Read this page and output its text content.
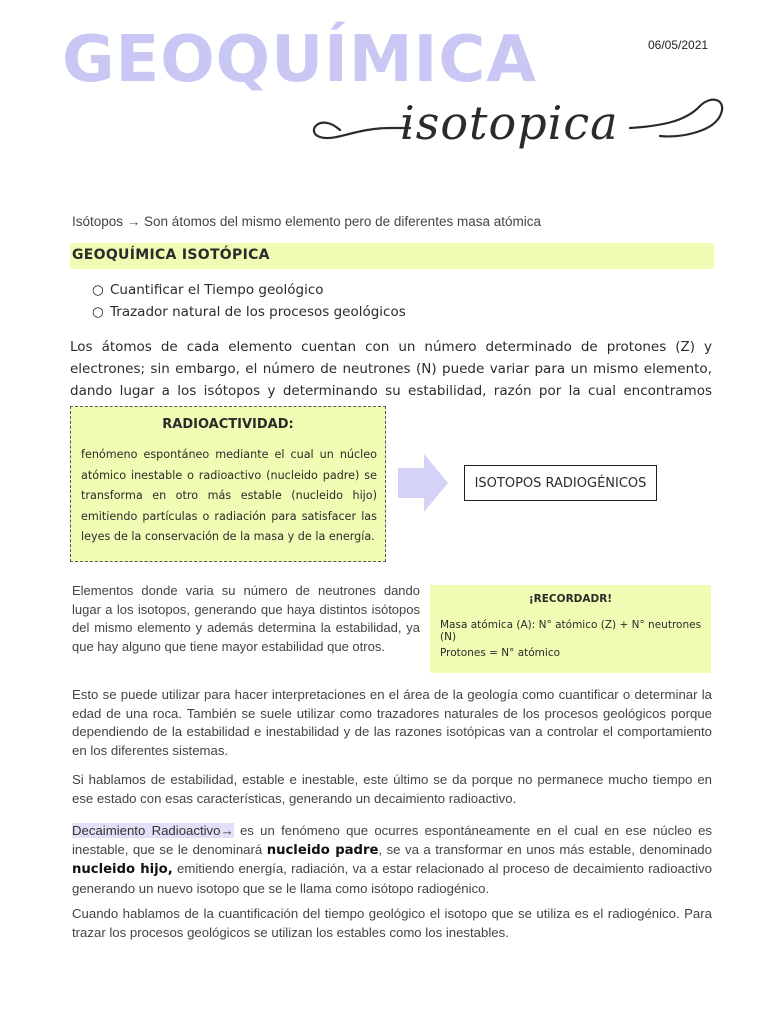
GEOQUÍMICA	06/05/2021
isotopica
Isótopos → Son átomos del mismo elemento pero de diferentes masa atómica
GEOQUÍMICA ISOTÓPICA
○ Cuantificar el Tiempo geológico
○ Trazador natural de los procesos geológicos
Los átomos de cada elemento cuentan con un número determinado de protones (Z) y electrones; sin embargo, el número de neutrones (N) puede variar para un mismo elemento, dando lugar a los isótopos y determinando su estabilidad, razón por la cual encontramos
RADIOACTIVIDAD:
fenómeno espontáneo mediante el cual un núcleo atómico inestable o radioactivo (nucleido padre) se transforma en otro más estable (nucleido hijo) emitiendo partículas o radiación para satisfacer las leyes de la conservación de la masa y de la energía.
ISOTOPOS RADIOGÉNICOS
Elementos donde varia su número de neutrones dando lugar a los isotopos, generando que haya distintos isótopos del mismo elemento y además determina la estabilidad, ya que hay alguno que tiene mayor estabilidad que otros.
¡RECORDADR!
Masa atómica (A): N° atómico (Z) + N° neutrones (N)
Protones = N° atómico
Esto se puede utilizar para hacer interpretaciones en el área de la geología como cuantificar o determinar la edad de una roca. También se suele utilizar como trazadores naturales de los procesos geológicos porque dependiendo de la estabilidad e inestabilidad y de las razones isotópicas van a controlar el comportamiento en los diferentes sistemas.
Si hablamos de estabilidad, estable e inestable, este último se da porque no permanece mucho tiempo en ese estado con esas características, generando un decaimiento radioactivo.
Decaimiento Radioactivo→ es un fenómeno que ocurres espontáneamente en el cual en ese núcleo es inestable, que se le denominará nucleido padre, se va a transformar en unos más estable, denominado nucleido hijo, emitiendo energía, radiación, va a estar relacionado al proceso de decaimiento radioactivo generando un nuevo isotopo que se le llama como isótopo radiogénico.
Cuando hablamos de la cuantificación del tiempo geológico el isotopo que se utiliza es el radiogénico. Para trazar los procesos geológicos se utilizan los estables como los inestables.
